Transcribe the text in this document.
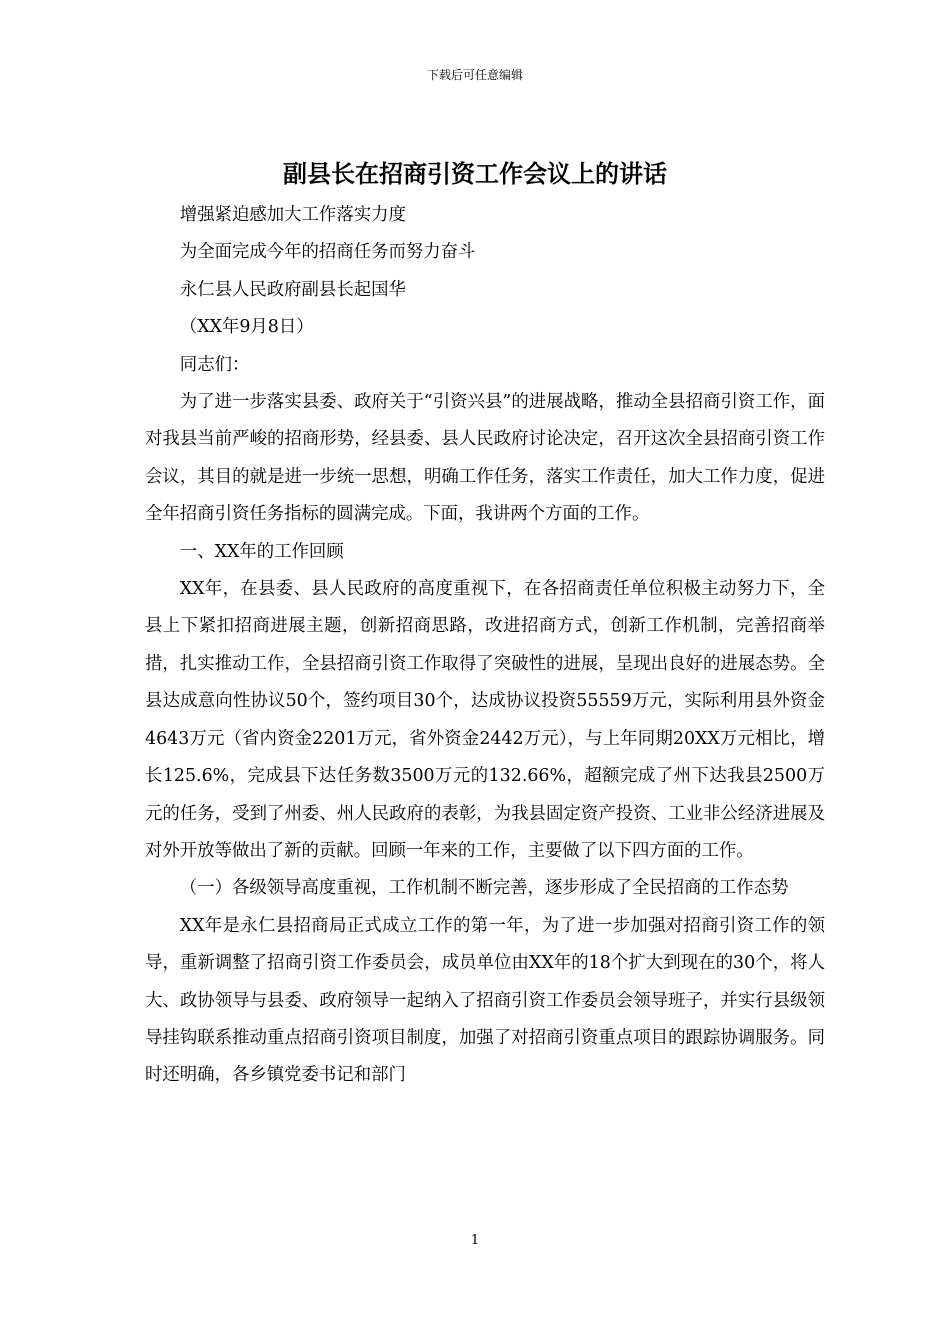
下载后可任意编辑
副县长在招商引资工作会议上的讲话

增强紧迫感加大工作落实力度

为全面完成今年的招商任务而努力奋斗

永仁县人民政府副县长起国华

（XX年9月8日）

同志们：

为了进一步落实县委、政府关于“引资兴县”的进展战略，推动全县招商引资工作，面对我县当前严峻的招商形势，经县委、县人民政府讨论决定，召开这次全县招商引资工作会议，其目的就是进一步统一思想，明确工作任务，落实工作责任，加大工作力度，促进全年招商引资任务指标的圆满完成。下面，我讲两个方面的工作。

一、XX年的工作回顾

XX年，在县委、县人民政府的高度重视下，在各招商责任单位积极主动努力下，全县上下紧扣招商进展主题，创新招商思路，改进招商方式，创新工作机制，完善招商举措，扎实推动工作，全县招商引资工作取得了突破性的进展，呈现出良好的进展态势。全县达成意向性协议50个，签约项目30个，达成协议投资55559万元，实际利用县外资金4643万元（省内资金2201万元，省外资金2442万元），与上年同期20XX万元相比，增长125.6%，完成县下达任务数3500万元的132.66%，超额完成了州下达我县2500万元的任务，受到了州委、州人民政府的表彰，为我县固定资产投资、工业非公经济进展及对外开放等做出了新的贡献。回顾一年来的工作，主要做了以下四方面的工作。

（一）各级领导高度重视，工作机制不断完善，逐步形成了全民招商的工作态势

XX年是永仁县招商局正式成立工作的第一年，为了进一步加强对招商引资工作的领导，重新调整了招商引资工作委员会，成员单位由XX年的18个扩大到现在的30个，将人大、政协领导与县委、政府领导一起纳入了招商引资工作委员会领导班子，并实行县级领导挂钩联系推动重点招商引资项目制度，加强了对招商引资重点项目的跟踪协调服务。同时还明确，各乡镇党委书记和部门

1
